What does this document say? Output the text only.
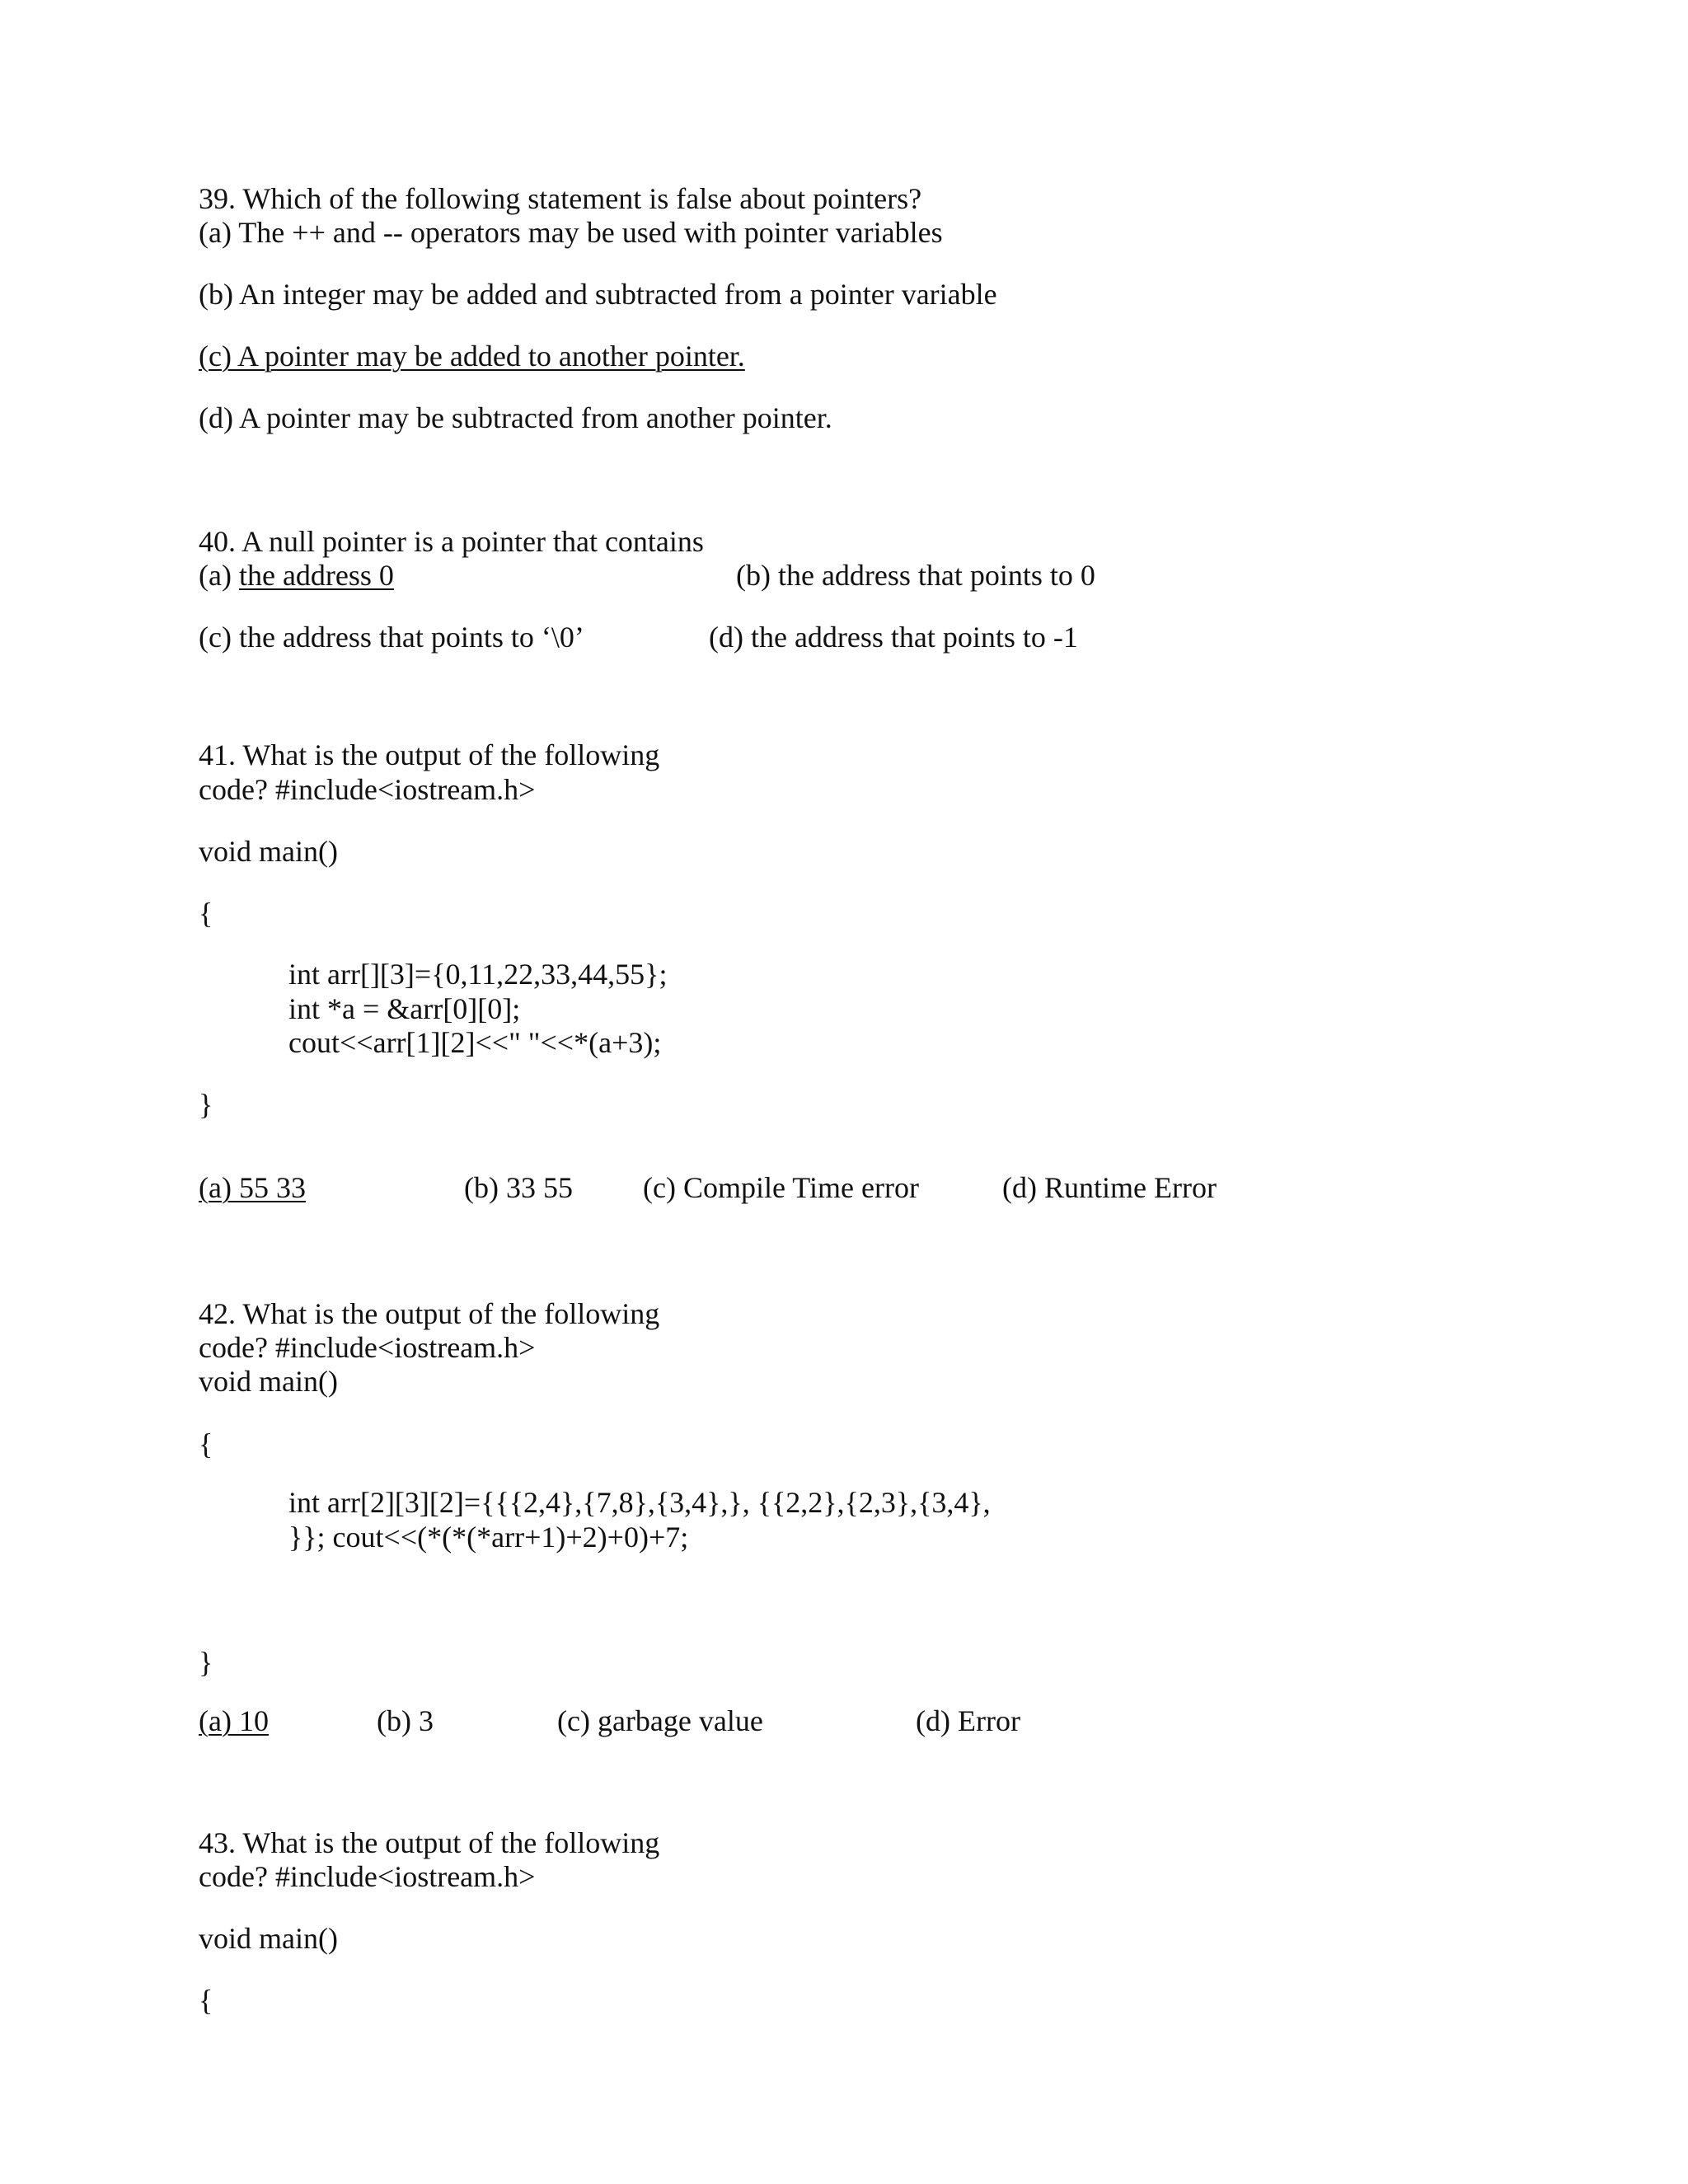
39. Which of the following statement is false about pointers?
(a) The ++ and -- operators may be used with pointer variables
(b) An integer may be added and subtracted from a pointer variable
(c) A pointer may be added to another pointer.
(d) A pointer may be subtracted from another pointer.
40. A null pointer is a pointer that contains
(a) the address 0	(b) the address that points to 0
(c) the address that points to ‘\0’	(d) the address that points to -1
41. What is the output of the following
code? #include<iostream.h>
void main()
{
int arr[][3]={0,11,22,33,44,55};
int *a = &arr[0][0];
cout<<arr[1][2]<<" "<<*(a+3);
}
(a) 55 33	(b) 33 55 (c) Compile Time error	(d) Runtime Error
42. What is the output of the following
code? #include<iostream.h>
void main()
{
int arr[2][3][2]={{{2,4},{7,8},{3,4},}, {{2,2},{2,3},{3,4},
}}; cout<<(*(*(*arr+1)+2)+0)+7;
}
(a) 10	(b) 3	(c) garbage value	(d) Error
43. What is the output of the following
code? #include<iostream.h>
void main()
{
